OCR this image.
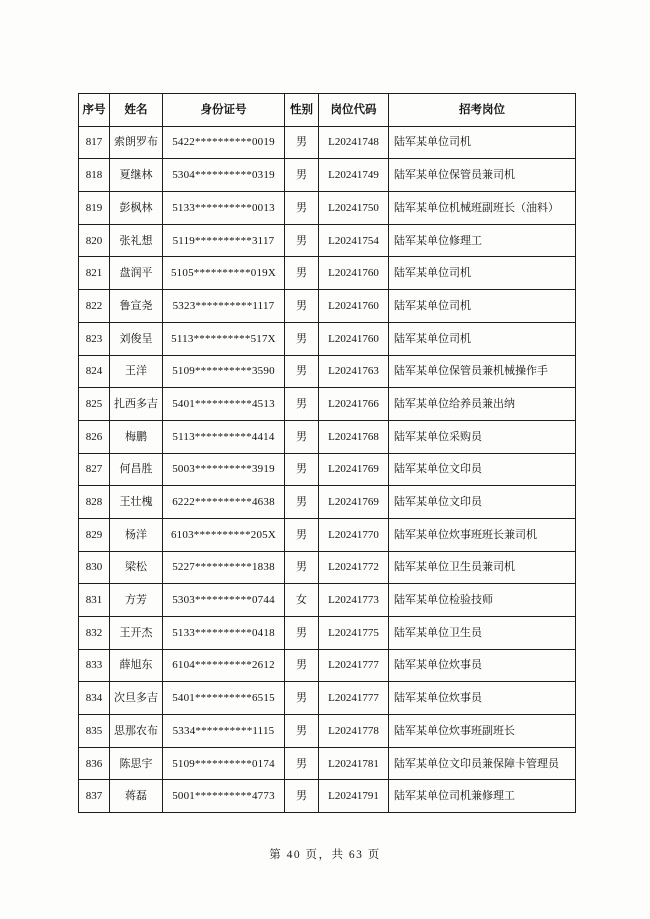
序号	姓名	身份证号	性别	岗位代码	招考岗位
817	索朗罗布	5422**********0019	男	L20241748	陆军某单位司机
818	夏继林	5304**********0319	男	L20241749	陆军某单位保管员兼司机
819	彭枫林	5133**********0013	男	L20241750	陆军某单位机械班副班长（油料）
820	张礼想	5119**********3117	男	L20241754	陆军某单位修理工
821	盘润平	5105**********019X	男	L20241760	陆军某单位司机
822	鲁宣尧	5323**********1117	男	L20241760	陆军某单位司机
823	刘俊呈	5113**********517X	男	L20241760	陆军某单位司机
824	王洋	5109**********3590	男	L20241763	陆军某单位保管员兼机械操作手
825	扎西多吉	5401**********4513	男	L20241766	陆军某单位给养员兼出纳
826	梅鹏	5113**********4414	男	L20241768	陆军某单位采购员
827	何昌胜	5003**********3919	男	L20241769	陆军某单位文印员
828	王壮槐	6222**********4638	男	L20241769	陆军某单位文印员
829	杨洋	6103**********205X	男	L20241770	陆军某单位炊事班班长兼司机
830	梁松	5227**********1838	男	L20241772	陆军某单位卫生员兼司机
831	方芳	5303**********0744	女	L20241773	陆军某单位检验技师
832	王开杰	5133**********0418	男	L20241775	陆军某单位卫生员
833	薛旭东	6104**********2612	男	L20241777	陆军某单位炊事员
834	次旦多吉	5401**********6515	男	L20241777	陆军某单位炊事员
835	思那农布	5334**********1115	男	L20241778	陆军某单位炊事班副班长
836	陈思宇	5109**********0174	男	L20241781	陆军某单位文印员兼保障卡管理员
837	蒋磊	5001**********4773	男	L20241791	陆军某单位司机兼修理工
第 40 页，共 63 页
